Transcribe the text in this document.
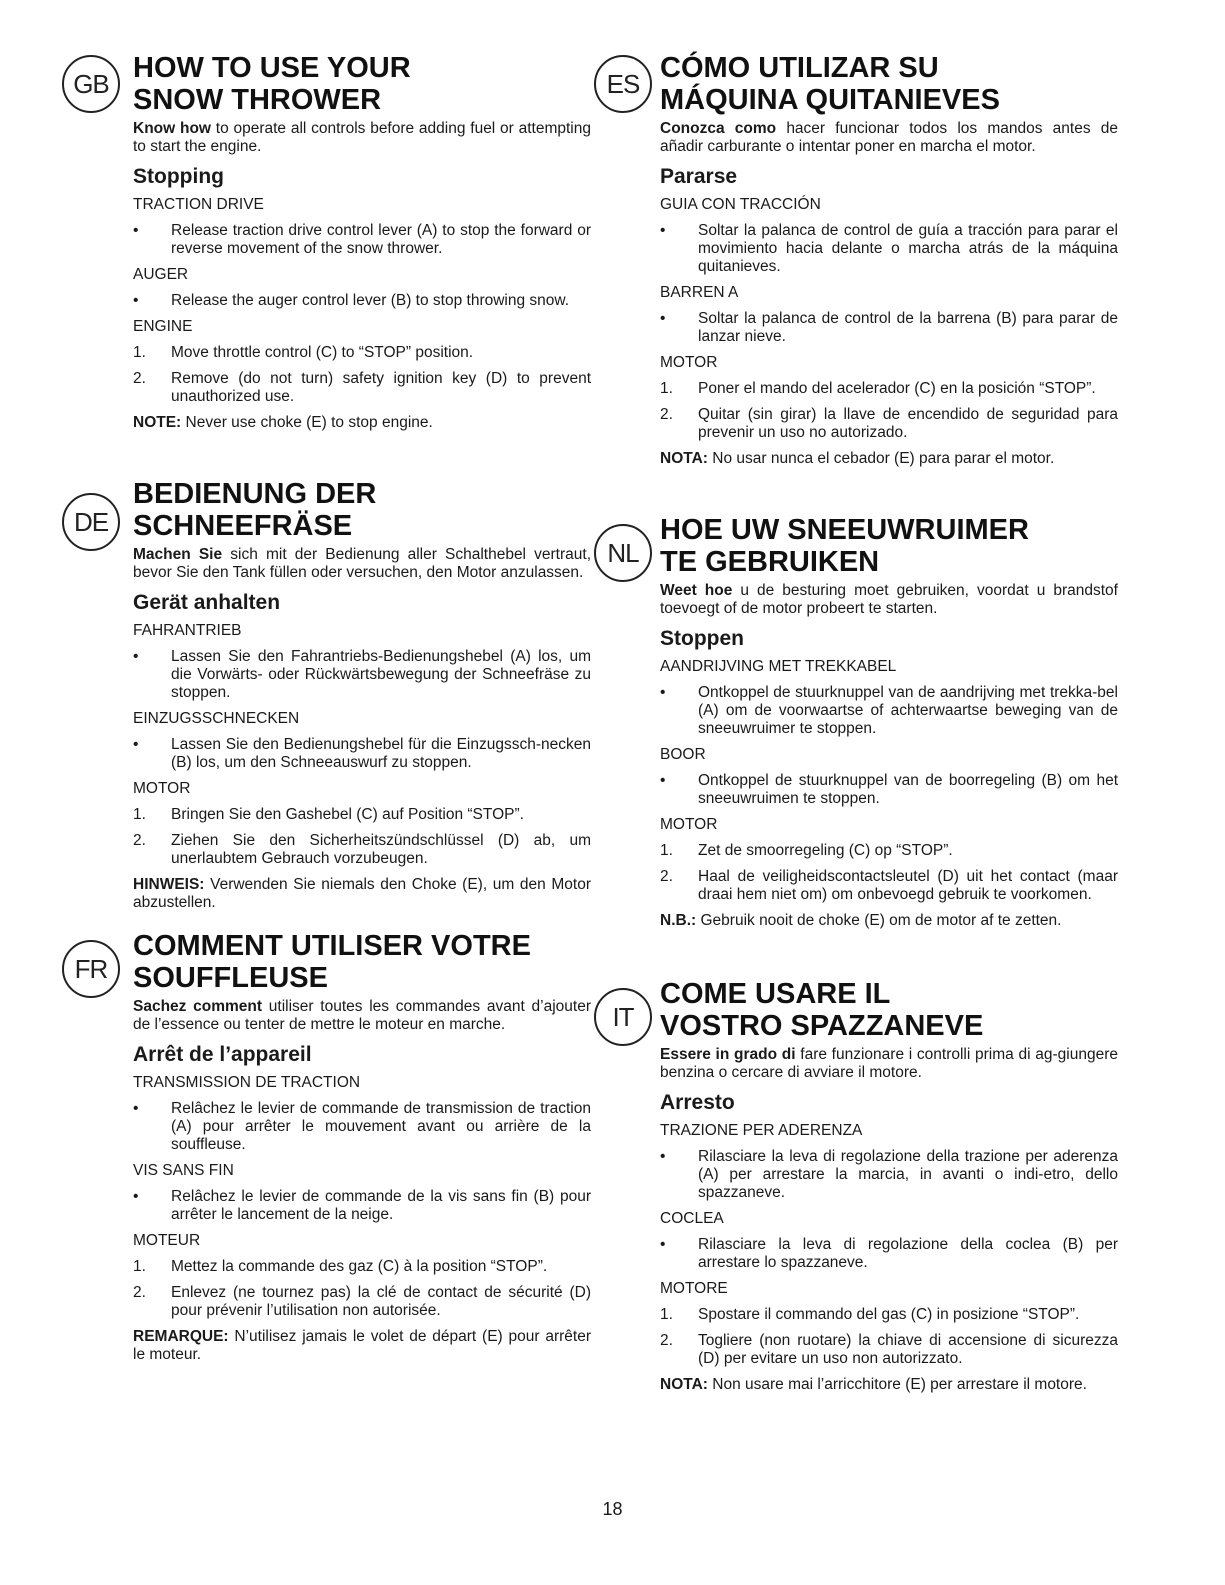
GB HOW TO USE YOUR
SNOW THROWER

Know how to operate all controls before adding fuel or attempting to start the engine.

Stopping
TRACTION DRIVE
•	Release traction drive control lever (A) to stop the forward or reverse movement of the snow thrower.
AUGER
•	Release the auger control lever (B) to stop throwing snow.
ENGINE
1.	Move throttle control (C) to “STOP” position.
2.	Remove (do not turn) safety ignition key (D) to prevent unauthorized use.

NOTE: Never use choke (E) to stop engine.

DE
BEDIENUNG DER SCHNEEFRÄSE

Machen Sie sich mit der Bedienung aller Schalthebel vertraut, bevor Sie den Tank füllen oder versuchen, den Motor anzulassen.

Gerät anhalten
FAHRANTRIEB
•	Lassen Sie den Fahrantriebs-Bedienungshebel (A) los, um die Vorwärts- oder Rückwärtsbewegung der Schneefräse zu stoppen.
EINZUGSSCHNECKEN
•	Lassen Sie den Bedienungshebel für die Einzugssch-necken (B) los, um den Schneeauswurf zu stoppen.
MOTOR
1.	Bringen Sie den Gashebel (C) auf Position “STOP”.
2.	Ziehen Sie den Sicherheitszündschlüssel (D) ab, um unerlaubtem Gebrauch vorzubeugen.

HINWEIS: Verwenden Sie niemals den Choke (E), um den Motor abzustellen.

FR
COMMENT UTILISER VOTRE
SOUFFLEUSE

Sachez comment utiliser toutes les commandes avant d’ajouter de l’essence ou tenter de mettre le moteur en marche.

Arrêt de l’appareil
TRANSMISSION DE TRACTION
•	Relâchez le levier de commande de transmission de traction (A) pour arrêter le mouvement avant ou arrière de la souffleuse.
VIS SANS FIN
•	Relâchez le levier de commande de la vis sans fin (B) pour arrêter le lancement de la neige.
MOTEUR
1.	Mettez la commande des gaz (C) à la position “STOP”.
2.	Enlevez (ne tournez pas) la clé de contact de sécurité (D) pour prévenir l’utilisation non autorisée.

REMARQUE: N’utilisez jamais le volet de départ (E) pour arrêter le moteur.

ES CÓMO UTILIZAR SU
MÁQUINA QUITANIEVES

Conozca como hacer funcionar todos los mandos antes de añadir carburante o intentar poner en marcha el motor.

Pararse
GUIA CON TRACCIÓN
•	Soltar la palanca de control de guía a tracción para parar el movimiento hacia delante o marcha atrás de la máquina quitanieves.
BARREN A
•	Soltar la palanca de control de la barrena (B) para parar de lanzar nieve.
MOTOR
1.	Poner el mando del acelerador (C) en la posición “STOP”.
2.	Quitar (sin girar) la llave de encendido de seguridad para prevenir un uso no autorizado.

NOTA: No usar nunca el cebador (E) para parar el motor.

NL
HOE UW SNEEUWRUIMER
TE GEBRUIKEN

Weet hoe u de besturing moet gebruiken, voordat u brandstof toevoegt of de motor probeert te starten.

Stoppen
AANDRIJVING MET TREKKABEL
•	Ontkoppel de stuurknuppel van de aandrijving met trekka-bel (A) om de voorwaartse of achterwaartse beweging van de sneeuwruimer te stoppen.
BOOR
•	Ontkoppel de stuurknuppel van de boorregeling (B) om het sneeuwruimen te stoppen.
MOTOR
1.	Zet de smoorregeling (C) op “STOP”.
2.	Haal de veiligheidscontactsleutel (D) uit het contact (maar draai hem niet om) om onbevoegd gebruik te voorkomen.

N.B.: Gebruik nooit de choke (E) om de motor af te zetten.

IT
COME USARE IL
VOSTRO SPAZZANEVE

Essere in grado di fare funzionare i controlli prima di ag-giungere benzina o cercare di avviare il motore.

Arresto
TRAZIONE PER ADERENZA
•	Rilasciare la leva di regolazione della trazione per aderenza (A) per arrestare la marcia, in avanti o indi-etro, dello spazzaneve.
COCLEA
•	Rilasciare la leva di regolazione della coclea (B) per arrestare lo spazzaneve.
MOTORE
1.	Spostare il commando del gas (C) in posizione “STOP”.
2.	Togliere (non ruotare) la chiave di accensione di sicurezza (D) per evitare un uso non autorizzato.

NOTA: Non usare mai l’arricchitore (E) per arrestare il motore.

18
